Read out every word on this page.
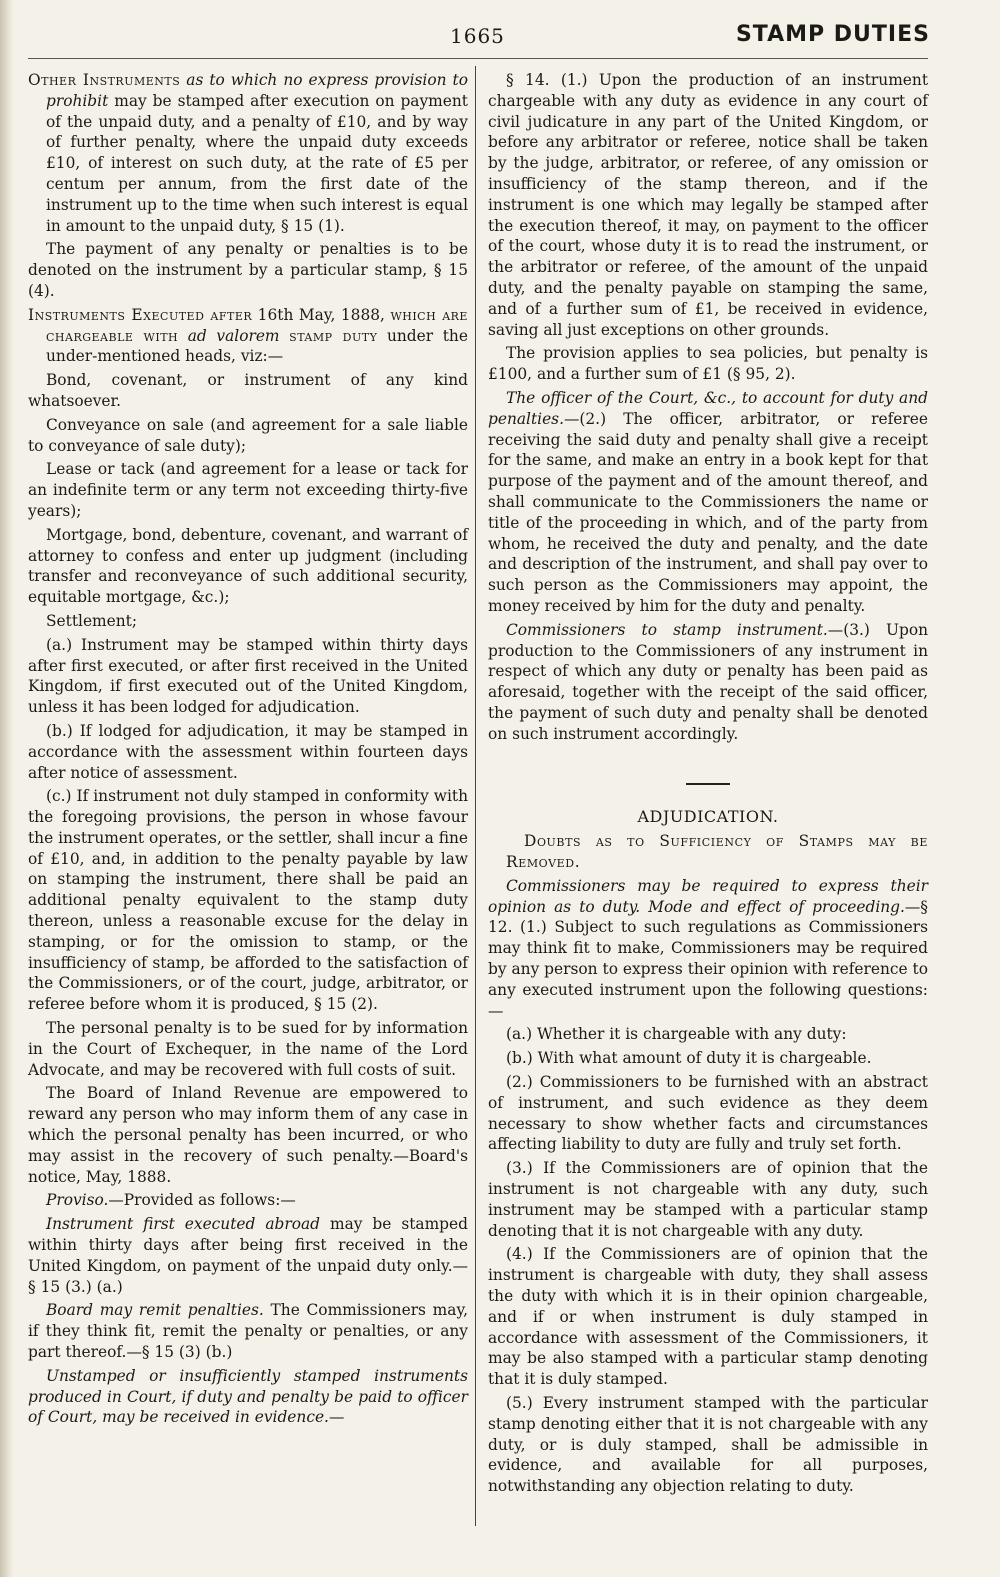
1665	STAMP DUTIES

Other Instruments as to which no express provision to prohibit may be stamped after execution on payment of the unpaid duty, and a penalty of £10, and by way of further penalty, where the unpaid duty exceeds £10, of interest on such duty, at the rate of £5 per centum per annum, from the first date of the instrument up to the time when such interest is equal in amount to the unpaid duty, § 15 (1).

The payment of any penalty or penalties is to be denoted on the instrument by a particular stamp, § 15 (4).

Instruments Executed after 16th May, 1888, which are chargeable with ad valorem stamp duty under the under-mentioned heads, viz:—

Bond, covenant, or instrument of any kind whatsoever.

Conveyance on sale (and agreement for a sale liable to conveyance of sale duty);

Lease or tack (and agreement for a lease or tack for an indefinite term or any term not exceeding thirty-five years);

Mortgage, bond, debenture, covenant, and warrant of attorney to confess and enter up judgment (including transfer and reconveyance of such additional security, equitable mortgage, &c.);

Settlement;

(a.) Instrument may be stamped within thirty days after first executed, or after first received in the United Kingdom, if first executed out of the United Kingdom, unless it has been lodged for adjudication.

(b.) If lodged for adjudication, it may be stamped in accordance with the assessment within fourteen days after notice of assessment.

(c.) If instrument not duly stamped in conformity with the foregoing provisions, the person in whose favour the instrument operates, or the settler, shall incur a fine of £10, and, in addition to the penalty payable by law on stamping the instrument, there shall be paid an additional penalty equivalent to the stamp duty thereon, unless a reasonable excuse for the delay in stamping, or for the omission to stamp, or the insufficiency of stamp, be afforded to the satisfaction of the Commissioners, or of the court, judge, arbitrator, or referee before whom it is produced, § 15 (2).

The personal penalty is to be sued for by information in the Court of Exchequer, in the name of the Lord Advocate, and may be recovered with full costs of suit.

The Board of Inland Revenue are empowered to reward any person who may inform them of any case in which the personal penalty has been incurred, or who may assist in the recovery of such penalty.—Board's notice, May, 1888.

Proviso.—Provided as follows:—

Instrument first executed abroad may be stamped within thirty days after being first received in the United Kingdom, on payment of the unpaid duty only.—§ 15 (3.) (a.)

Board may remit penalties. The Commissioners may, if they think fit, remit the penalty or penalties, or any part thereof.—§ 15 (3) (b.)

Unstamped or insufficiently stamped instruments produced in Court, if duty and penalty be paid to officer of Court, may be received in evidence.—

§ 14. (1.) Upon the production of an instrument chargeable with any duty as evidence in any court of civil judicature in any part of the United Kingdom, or before any arbitrator or referee, notice shall be taken by the judge, arbitrator, or referee, of any omission or insufficiency of the stamp thereon, and if the instrument is one which may legally be stamped after the execution thereof, it may, on payment to the officer of the court, whose duty it is to read the instrument, or the arbitrator or referee, of the amount of the unpaid duty, and the penalty payable on stamping the same, and of a further sum of £1, be received in evidence, saving all just exceptions on other grounds.

The provision applies to sea policies, but penalty is £100, and a further sum of £1 (§ 95, 2).

The officer of the Court, &c., to account for duty and penalties.—(2.) The officer, arbitrator, or referee receiving the said duty and penalty shall give a receipt for the same, and make an entry in a book kept for that purpose of the payment and of the amount thereof, and shall communicate to the Commissioners the name or title of the proceeding in which, and of the party from whom, he received the duty and penalty, and the date and description of the instrument, and shall pay over to such person as the Commissioners may appoint, the money received by him for the duty and penalty.

Commissioners to stamp instrument.—(3.) Upon production to the Commissioners of any instrument in respect of which any duty or penalty has been paid as aforesaid, together with the receipt of the said officer, the payment of such duty and penalty shall be denoted on such instrument accordingly.

ADJUDICATION.

Doubts as to Sufficiency of Stamps may be Removed.

Commissioners may be required to express their opinion as to duty. Mode and effect of proceeding.—§ 12. (1.) Subject to such regulations as Commissioners may think fit to make, Commissioners may be required by any person to express their opinion with reference to any executed instrument upon the following questions:—

(a.) Whether it is chargeable with any duty:

(b.) With what amount of duty it is chargeable.

(2.) Commissioners to be furnished with an abstract of instrument, and such evidence as they deem necessary to show whether facts and circumstances affecting liability to duty are fully and truly set forth.

(3.) If the Commissioners are of opinion that the instrument is not chargeable with any duty, such instrument may be stamped with a particular stamp denoting that it is not chargeable with any duty.

(4.) If the Commissioners are of opinion that the instrument is chargeable with duty, they shall assess the duty with which it is in their opinion chargeable, and if or when instrument is duly stamped in accordance with assessment of the Commissioners, it may be also stamped with a particular stamp denoting that it is duly stamped.

(5.) Every instrument stamped with the particular stamp denoting either that it is not chargeable with any duty, or is duly stamped, shall be admissible in evidence, and available for all purposes, notwithstanding any objection relating to duty.
